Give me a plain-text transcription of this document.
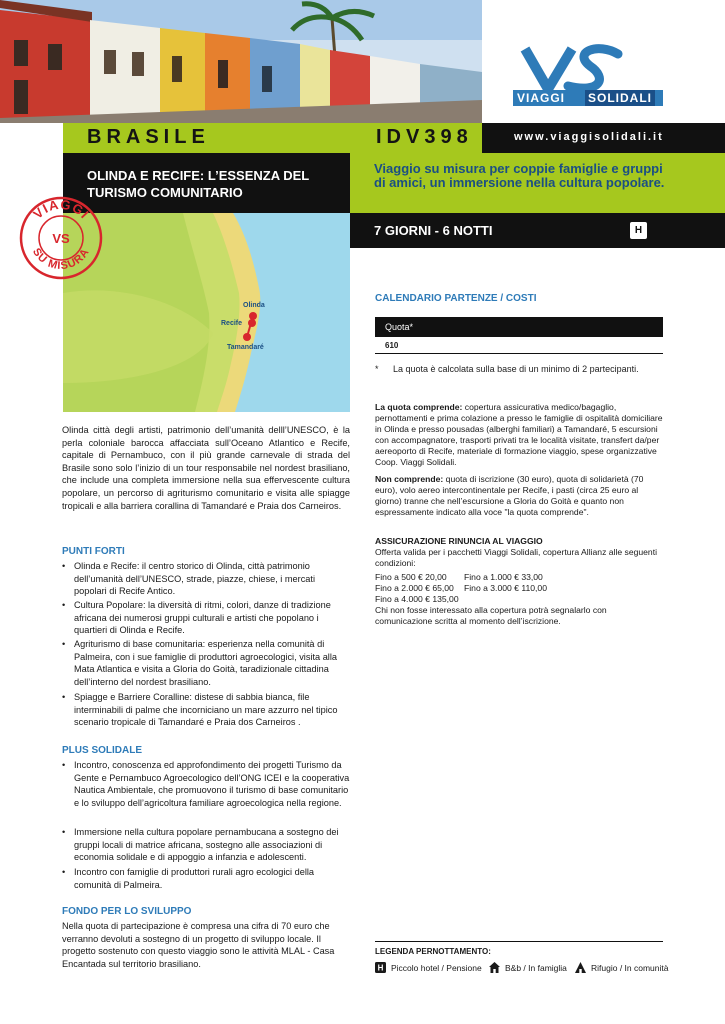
VIAGGI SOLIDALI
BRASILE	IDV398	www.viaggisolidali.it
OLINDA E RECIFE: L’ESSENZA DEL TURISMO COMUNITARIO
Viaggio su misura per coppie famiglie e gruppi di amici, un immersione nella cultura popolare.
Olinda
Recife
Tamandaré
VIAGGI
SU MISURA
VS
7 GIORNI - 6 NOTTI	H
CALENDARIO PARTENZE / COSTI
Quota*
610
* La quota è calcolata sulla base di un minimo di 2 partecipanti.
La quota comprende: copertura assicurativa medico/bagaglio, pernottamenti e prima colazione a presso le famiglie di ospitalità domiciliare in Olinda e presso pousadas (alberghi familiari) a Tamandaré, 5 escursioni con accompagnatore, trasporti privati tra le località visitate, transfert da/per aereoporto di Recife, materiale di formazione viaggio, spese organizzative Coop. Viaggi Solidali.
Non comprende: quota di iscrizione (30 euro), quota di solidarietà (70 euro), volo aereo intercontinentale per Recife, i pasti (circa 25 euro al giorno) tranne che nell’escursione a Gloria do Goità e quanto non espressamente indicato alla voce "la quota comprende".
ASSICURAZIONE RINUNCIA AL VIAGGIO
Offerta valida per i pacchetti Viaggi Solidali, copertura Allianz alle seguenti condizioni:
Fino a 500 € 20,00 Fino a 1.000 € 33,00
Fino a 2.000 € 65,00 Fino a 3.000 € 110,00
Fino a 4.000 € 135,00
Chi non fosse interessato alla copertura potrà segnalarlo con comunicazione scritta al momento dell’iscrizione.
Olinda città degli artisti, patrimonio dell’umanità delll’UNESCO, è la perla coloniale barocca affacciata sull’Oceano Atlantico e Recife, capitale di Pernambuco, con il più grande carnevale di strada del Brasile sono solo l’inizio di un tour responsabile nel nordest brasiliano, che include una completa immersione nella sua effervescente cultura popolare, un percorso di agriturismo comunitario e visita alle spiagge tropicali e alla barriera corallina di Tamandaré e Praia dos Carneiros.
PUNTI FORTI
• Olinda e Recife: il centro storico di Olinda, città patrimonio dell’umanità dell’UNESCO, strade, piazze, chiese, i mercati popolari di Recife Antico.
• Cultura Popolare: la diversità di ritmi, colori, danze di tradizione africana dei numerosi gruppi culturali e artisti che popolano i quartieri di Olinda e Recife.
• Agriturismo di base comunitaria: esperienza nella comunità di Palmeira, con i sue famiglie di produttori agroecologici, visita alla Mata Atlantica e visita a Gloria do Goità, taradizionale cittadina dell’interno del nordest brasiliano.
• Spiagge e Barriere Coralline: distese di sabbia bianca, file interminabili di palme che incorniciano un mare azzurro nel tipico scenario tropicale di Tamandaré e Praia dos Carneiros .
PLUS SOLIDALE
• Incontro, conoscenza ed approfondimento dei progetti Turismo da Gente e Pernambuco Agroecologico dell’ONG ICEI e la cooperativa Nautica Ambientale, che promuovono il turismo di base comunitario e lo sviluppo dell’agricoltura familiare agroecologica nella regione.
• Immersione nella cultura popolare pernambucana a sostegno dei gruppi locali di matrice africana, sostegno alle associazioni di economia solidale e di appoggio a infanzia e adolescenti.
• Incontro con famiglie di produttori rurali agro ecologici della comunità di Palmeira.
FONDO PER LO SVILUPPO
Nella quota di partecipazione è compresa una cifra di 70 euro che verranno devoluti a sostegno di un progetto di sviluppo locale. Il progetto sostenuto con questo viaggio sono le attività MLAL - Casa Encantada sul territorio brasiliano.
LEGENDA PERNOTTAMENTO:
H Piccolo hotel / Pensione	B&b / In famiglia	Rifugio / In comunità
